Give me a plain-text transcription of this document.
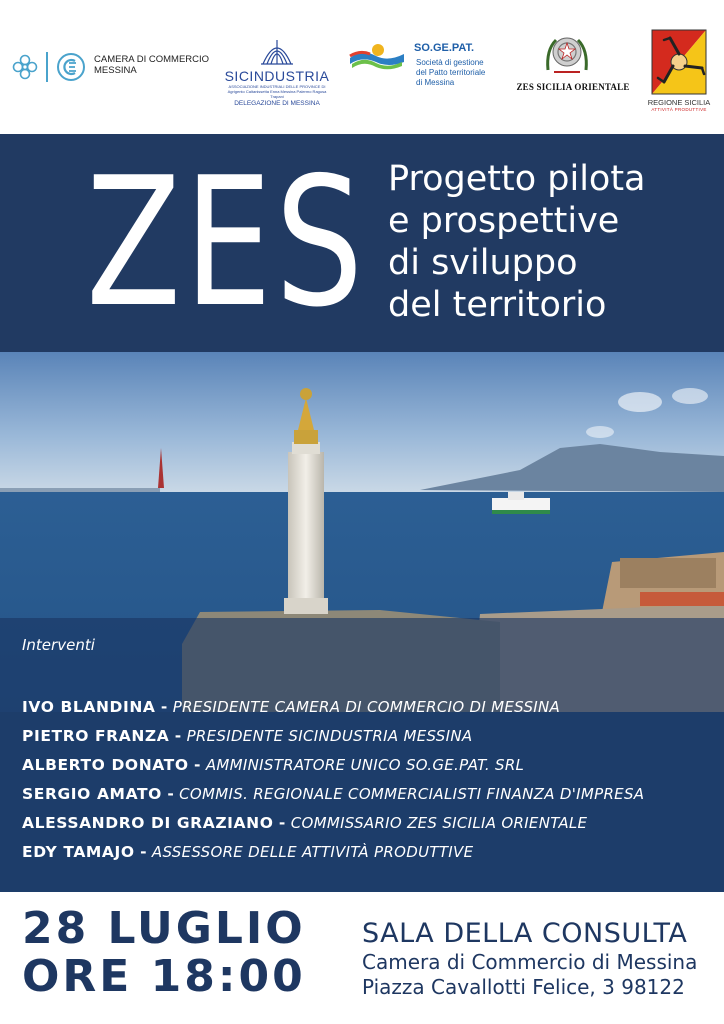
CAMERA DI COMMERCIO
MESSINA	SICINDUSTRIA
ASSOCIAZIONE INDUSTRIALI DELLE PROVINCE DI Agrigento Caltanissetta Enna Messina Palermo Ragusa Trapani
DELEGAZIONE DI MESSINA
SO.GE.PAT.
Società di gestione
del Patto territoriale
di Messina	ZES SICILIA ORIENTALE
REGIONE SICILIA
ATTIVITÀ PRODUTTIVE
ZES Progetto pilota
e prospettive
di sviluppo
del territorio
Interventi
IVO BLANDINA - PRESIDENTE CAMERA DI COMMERCIO DI MESSINA
PIETRO FRANZA - PRESIDENTE SICINDUSTRIA MESSINA
ALBERTO DONATO - AMMINISTRATORE UNICO SO.GE.PAT. SRL
SERGIO AMATO - COMMIS. REGIONALE COMMERCIALISTI FINANZA D'IMPRESA
ALESSANDRO DI GRAZIANO - COMMISSARIO ZES SICILIA ORIENTALE
EDY TAMAJO - ASSESSORE DELLE ATTIVITÀ PRODUTTIVE
28 LUGLIO
ORE 18:00
SALA DELLA CONSULTA
Camera di Commercio di Messina
Piazza Cavallotti Felice, 3 98122
